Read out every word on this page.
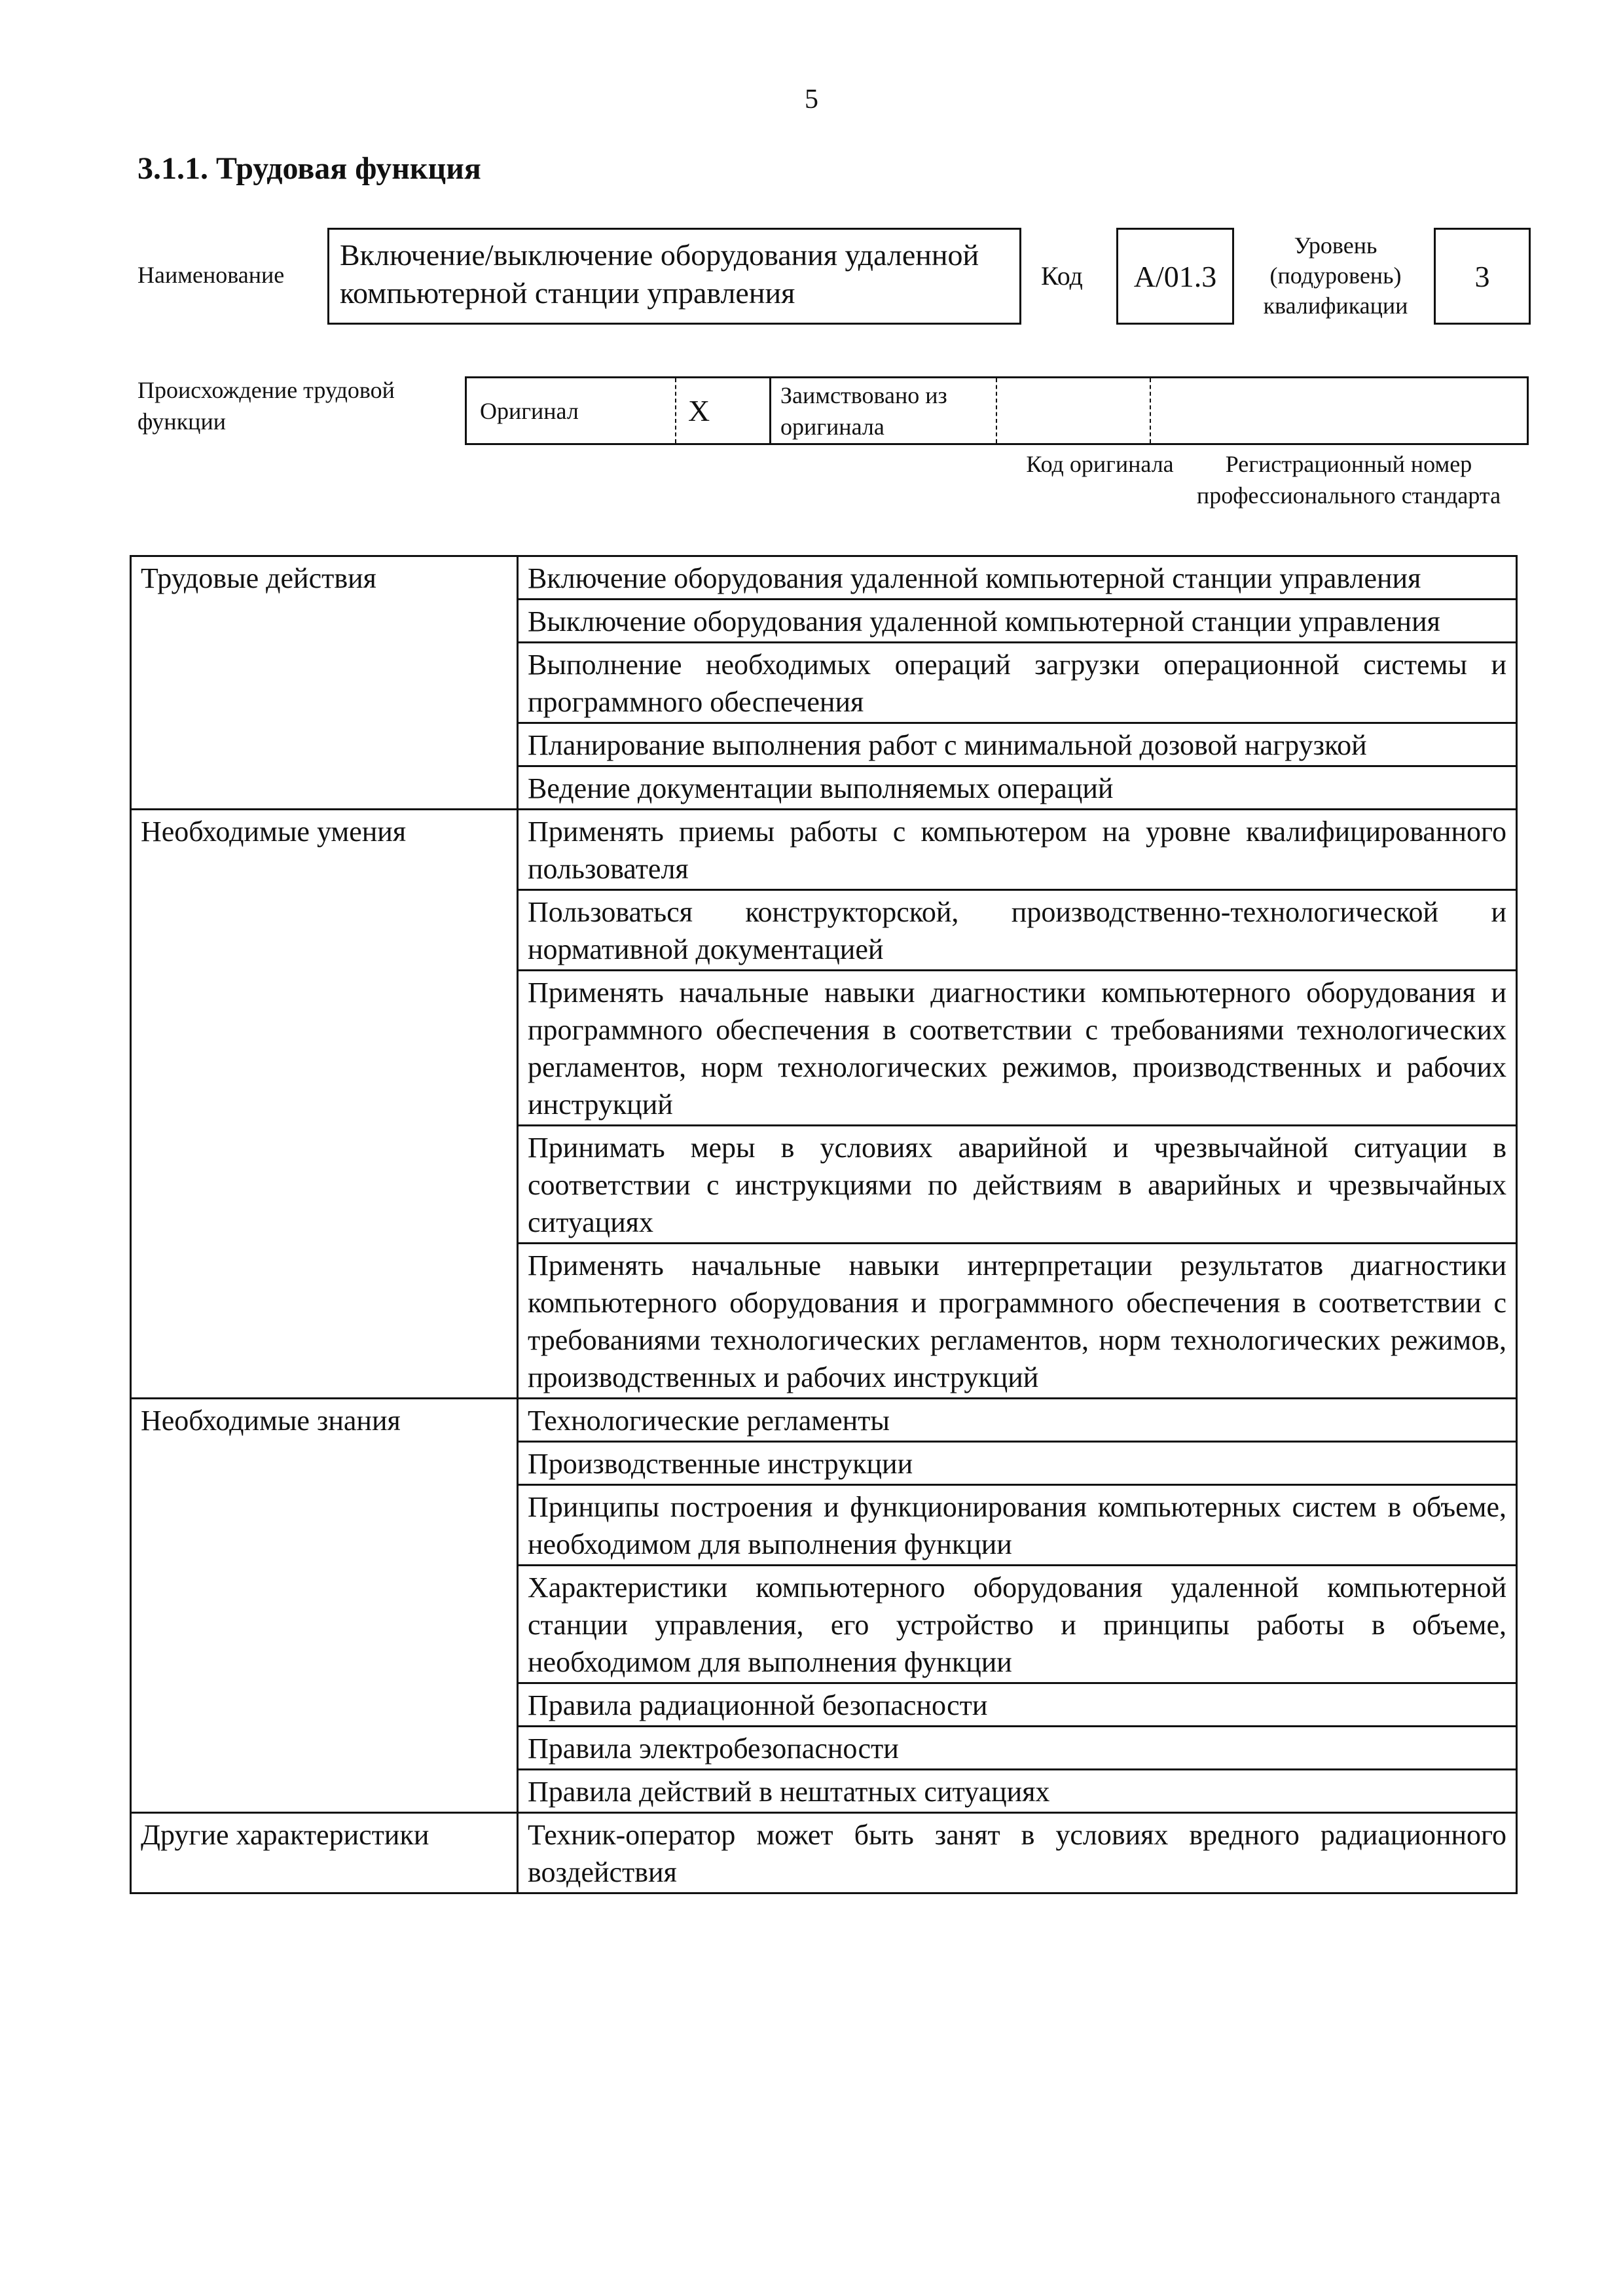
5
3.1.1. Трудовая функция
Наименование
Включение/выключение оборудования удаленной компьютерной станции управления
Код	A/01.3
Уровень (подуровень) квалификации
3
Происхождение трудовой функции	Оригинал	X	Заимствовано из оригинала
Код оригинала	Регистрационный номер профессионального стандарта
Трудовые действия	Включение оборудования удаленной компьютерной станции управления
	Выключение оборудования удаленной компьютерной станции управления
	Выполнение необходимых операций загрузки операционной системы и программного обеспечения
	Планирование выполнения работ с минимальной дозовой нагрузкой
	Ведение документации выполняемых операций
Необходимые умения	Применять приемы работы с компьютером на уровне квалифицированного пользователя
	Пользоваться конструкторской, производственно-технологической и нормативной документацией
	Применять начальные навыки диагностики компьютерного оборудования и программного обеспечения в соответствии с требованиями технологических регламентов, норм технологических режимов, производственных и рабочих инструкций
	Принимать меры в условиях аварийной и чрезвычайной ситуации в соответствии с инструкциями по действиям в аварийных и чрезвычайных ситуациях
	Применять начальные навыки интерпретации результатов диагностики компьютерного оборудования и программного обеспечения в соответствии с требованиями технологических регламентов, норм технологических режимов, производственных и рабочих инструкций
Необходимые знания	Технологические регламенты
	Производственные инструкции
	Принципы построения и функционирования компьютерных систем в объеме, необходимом для выполнения функции
	Характеристики компьютерного оборудования удаленной компьютерной станции управления, его устройство и принципы работы в объеме, необходимом для выполнения функции
	Правила радиационной безопасности
	Правила электробезопасности
	Правила действий в нештатных ситуациях
Другие характеристики	Техник-оператор может быть занят в условиях вредного радиационного воздействия
